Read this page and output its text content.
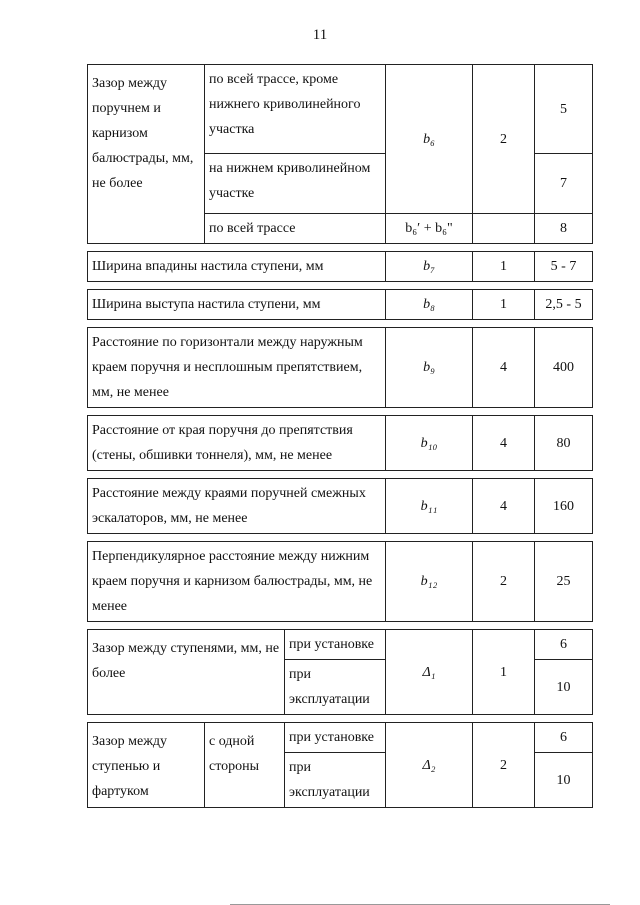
11
Зазор между поручнем и карнизом балюстрады, мм, не более	по всей трассе, кроме нижнего криволинейного участка		b₆	2	5
	на нижнем криволинейном участке				7
	по всей трассе		b₆′ + b₆"		8

Ширина впадины настила ступени, мм			b₇	1	5 - 7

Ширина выступа настила ступени, мм			b₈	1	2,5 - 5

Расстояние по горизонтали между наружным краем поручня и несплошным препятствием, мм, не менее			b₉	4	400

Расстояние от края поручня до препятствия (стены, обшивки тоннеля), мм, не менее			b₁₀	4	80

Расстояние между краями поручней смежных эскалаторов, мм, не менее			b₁₁	4	160

Перпендикулярное расстояние между нижним краем поручня и карнизом балюстрады, мм, не менее			b₁₂	2	25

Зазор между ступенями, мм, не более		при установке	Δ₁	1	6
		при эксплуатации			10

Зазор между ступенью и фартуком	с одной стороны	при установке	Δ₂	2	6
		при эксплуатации			10
